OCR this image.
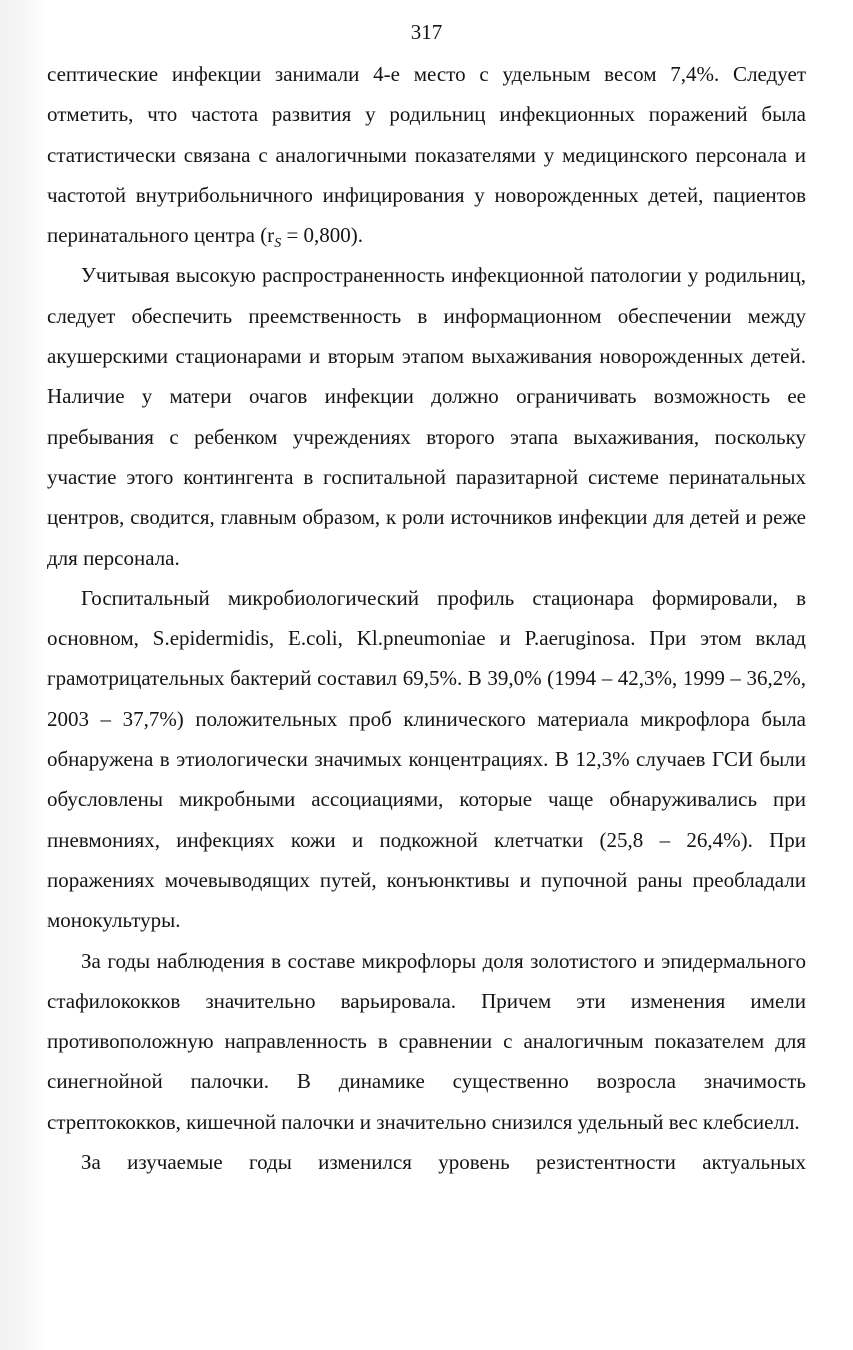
317

септические инфекции занимали 4-е место с удельным весом 7,4%. Следует отметить, что частота развития у родильниц инфекционных поражений была статистически связана с аналогичными показателями у медицинского персонала и частотой внутрибольничного инфицирования у новорожденных детей, пациентов перинатального центра $(r_S = 0,800)$.

Учитывая высокую распространенность инфекционной патологии у родильниц, следует обеспечить преемственность в информационном обеспечении между акушерскими стационарами и вторым этапом выхаживания новорожденных детей. Наличие у матери очагов инфекции должно ограничивать возможность ее пребывания с ребенком учреждениях второго этапа выхаживания, поскольку участие этого контингента в госпитальной паразитарной системе перинатальных центров, сводится, главным образом, к роли источников инфекции для детей и реже для персонала.

Госпитальный микробиологический профиль стационара формировали, в основном, S.epidermidis, E.coli, Kl.pneumoniae и P.aeruginosa. При этом вклад грамотрицательных бактерий составил 69,5%. В 39,0% (1994 – 42,3%, 1999 – 36,2%, 2003 – 37,7%) положительных проб клинического материала микрофлора была обнаружена в этиологически значимых концентрациях. В 12,3% случаев ГСИ были обусловлены микробными ассоциациями, которые чаще обнаруживались при пневмониях, инфекциях кожи и подкожной клетчатки (25,8 – 26,4%). При поражениях мочевыводящих путей, конъюнктивы и пупочной раны преобладали монокультуры.

За годы наблюдения в составе микрофлоры доля золотистого и эпидермального стафилококков значительно варьировала. Причем эти изменения имели противоположную направленность в сравнении с аналогичным показателем для синегнойной палочки. В динамике существенно возросла значимость стрептококков, кишечной палочки и значительно снизился удельный вес клебсиелл.

За изучаемые годы изменился уровень резистентности актуальных
